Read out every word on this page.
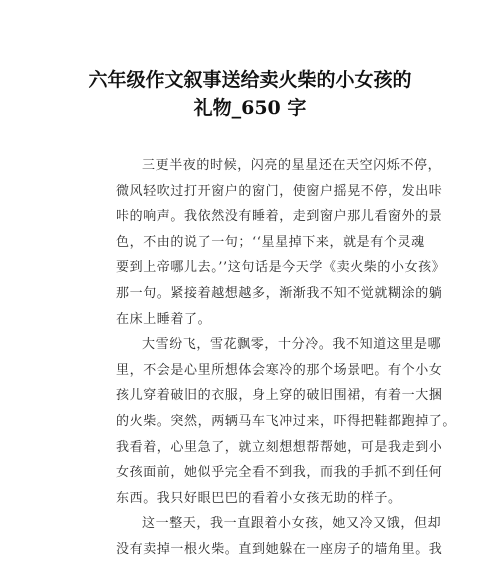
六年级作文叙事送给卖火柴的小女孩的
礼物_650 字
三更半夜的时候，闪亮的星星还在天空闪烁不停，
微风轻吹过打开窗户的窗门，使窗户摇晃不停，发出咔
咔的响声。我依然没有睡着，走到窗户那儿看窗外的景
色，不由的说了一句；‘‘星星掉下来，就是有个灵魂
要到上帝哪儿去。’’这句话是今天学《卖火柴的小女孩》
那一句。紧接着越想越多，渐渐我不知不觉就糊涂的躺
在床上睡着了。
大雪纷飞，雪花飘零，十分冷。我不知道这里是哪
里，不会是心里所想体会寒冷的那个场景吧。有个小女
孩儿穿着破旧的衣服，身上穿的破旧围裙，有着一大捆
的火柴。突然，两辆马车飞冲过来，吓得把鞋都跑掉了。
我看着，心里急了，就立刻想想帮帮她，可是我走到小
女孩面前，她似乎完全看不到我，而我的手抓不到任何
东西。我只好眼巴巴的看着小女孩无助的样子。
这一整天，我一直跟着小女孩，她又冷又饿，但却
没有卖掉一根火柴。直到她躲在一座房子的墙角里。我
